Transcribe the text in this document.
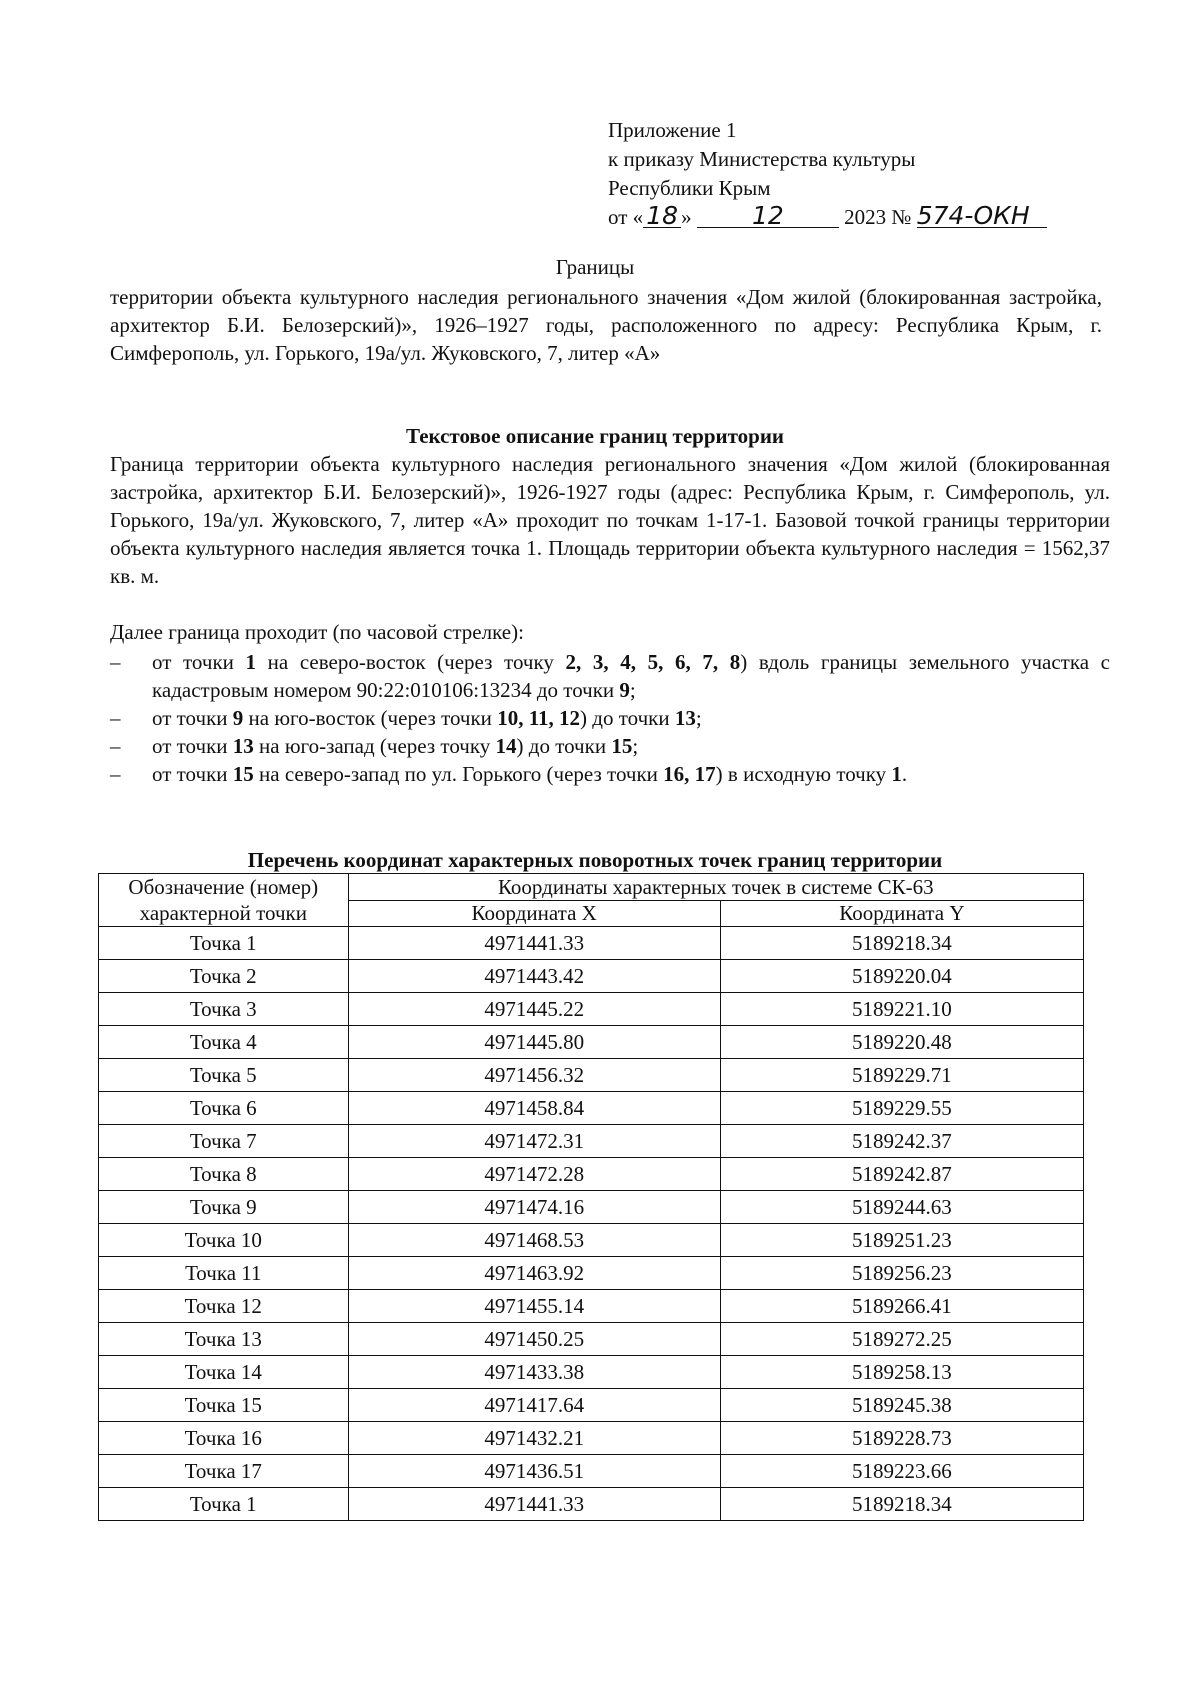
Приложение 1
к приказу Министерства культуры
Республики Крым
от « 18 » 12	2023 № 574-ОКН
Границы
территории объекта культурного наследия регионального значения «Дом жилой (блокированная застройка, архитектор Б.И. Белозерский)», 1926–1927 годы, расположенного по адресу: Республика Крым, г. Симферополь, ул. Горького, 19а/ул. Жуковского, 7, литер «А»
Текстовое описание границ территории
Граница территории объекта культурного наследия регионального значения «Дом жилой (блокированная застройка, архитектор Б.И. Белозерский)», 1926-1927 годы (адрес: Республика Крым, г. Симферополь, ул. Горького, 19а/ул. Жуковского, 7, литер «А» проходит по точкам 1-17-1. Базовой точкой границы территории объекта культурного наследия является точка 1. Площадь территории объекта культурного наследия = 1562,37 кв. м.
Далее граница проходит (по часовой стрелке):
– от точки 1 на северо-восток (через точку 2, 3, 4, 5, 6, 7, 8) вдоль границы земельного участка с кадастровым номером 90:22:010106:13234 до точки 9;
– от точки 9 на юго-восток (через точки 10, 11, 12) до точки 13;
– от точки 13 на юго-запад (через точку 14) до точки 15;
– от точки 15 на северо-запад по ул. Горького (через точки 16, 17) в исходную точку 1.
Перечень координат характерных поворотных точек границ территории
Обозначение (номер)
характерной точки	Координаты характерных точек в системе СК-63	
	Координата X	Координата Y
Точка 1	4971441.33	5189218.34
Точка 2	4971443.42	5189220.04
Точка 3	4971445.22	5189221.10
Точка 4	4971445.80	5189220.48
Точка 5	4971456.32	5189229.71
Точка 6	4971458.84	5189229.55
Точка 7	4971472.31	5189242.37
Точка 8	4971472.28	5189242.87
Точка 9	4971474.16	5189244.63
Точка 10	4971468.53	5189251.23
Точка 11	4971463.92	5189256.23
Точка 12	4971455.14	5189266.41
Точка 13	4971450.25	5189272.25
Точка 14	4971433.38	5189258.13
Точка 15	4971417.64	5189245.38
Точка 16	4971432.21	5189228.73
Точка 17	4971436.51	5189223.66
Точка 1	4971441.33	5189218.34
